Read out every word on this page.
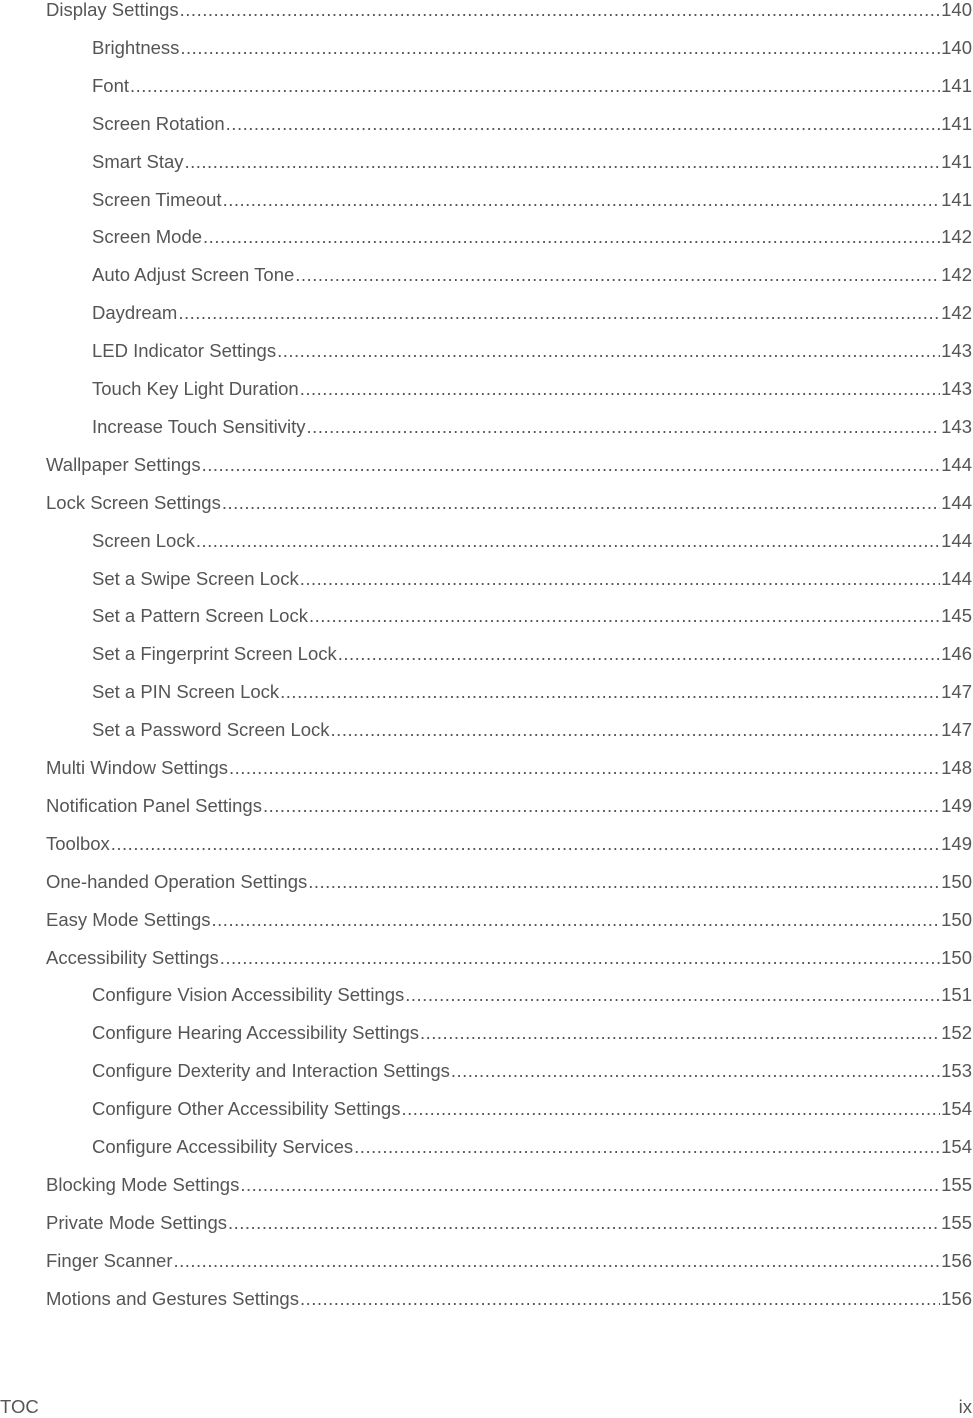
Display Settings .....	140
Brightness .....	140
Font .....	141
Screen Rotation .....	141
Smart Stay .....	141
Screen Timeout .....	141
Screen Mode .....	142
Auto Adjust Screen Tone .....	142
Daydream .....	142
LED Indicator Settings .....	143
Touch Key Light Duration .....	143
Increase Touch Sensitivity .....	143
Wallpaper Settings .....	144
Lock Screen Settings .....	144
Screen Lock .....	144
Set a Swipe Screen Lock .....	144
Set a Pattern Screen Lock .....	145
Set a Fingerprint Screen Lock .....	146
Set a PIN Screen Lock .....	147
Set a Password Screen Lock .....	147
Multi Window Settings .....	148
Notification Panel Settings .....	149
Toolbox .....	149
One-handed Operation Settings .....	150
Easy Mode Settings .....	150
Accessibility Settings .....	150
Configure Vision Accessibility Settings .....	151
Configure Hearing Accessibility Settings .....	152
Configure Dexterity and Interaction Settings .....	153
Configure Other Accessibility Settings .....	154
Configure Accessibility Services .....	154
Blocking Mode Settings .....	155
Private Mode Settings .....	155
Finger Scanner .....	156
Motions and Gestures Settings .....	156
TOC	ix
